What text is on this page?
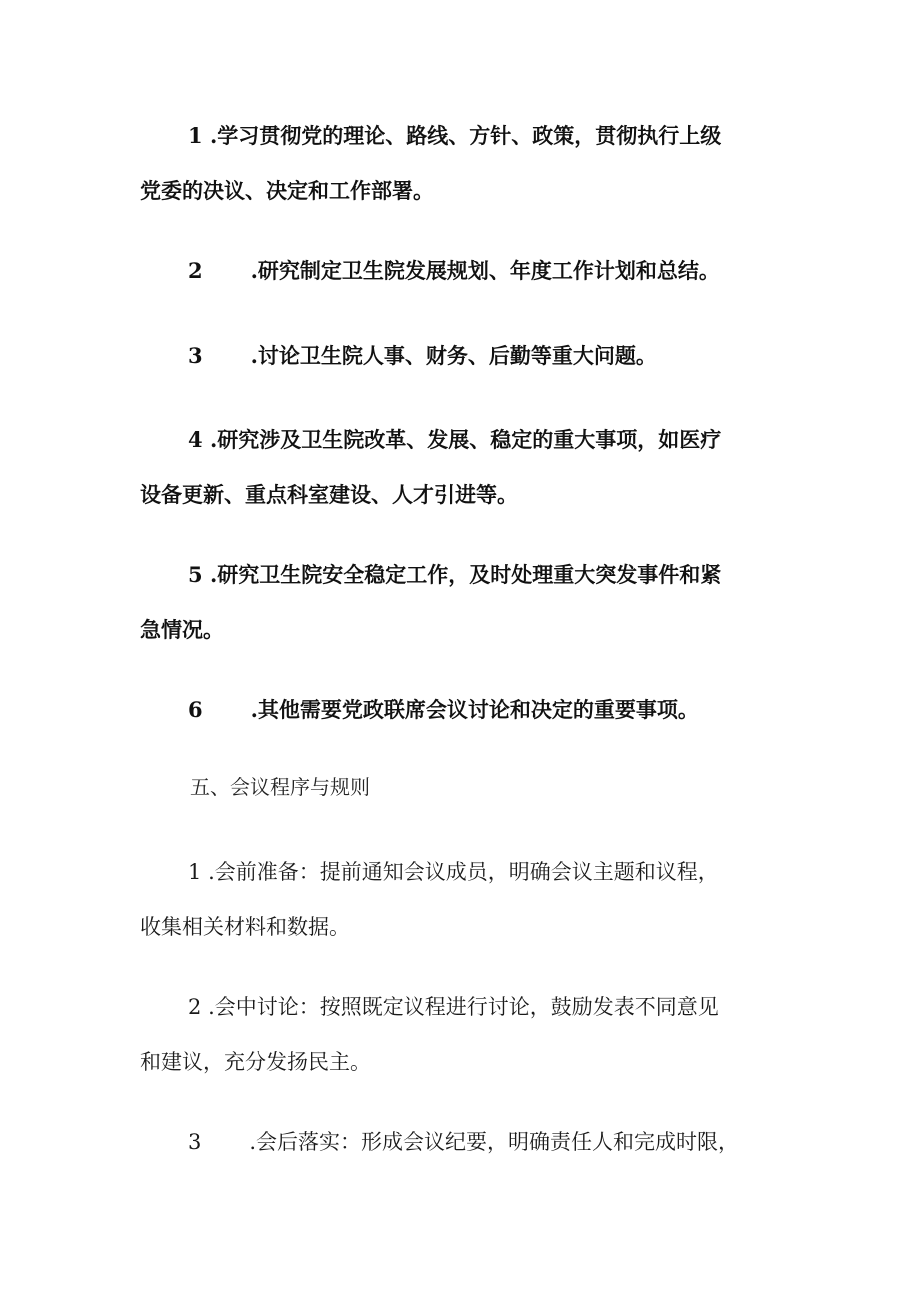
1 .学习贯彻党的理论、路线、方针、政策，贯彻执行上级
党委的决议、决定和工作部署。

2 .研究制定卫生院发展规划、年度工作计划和总结。

3 .讨论卫生院人事、财务、后勤等重大问题。

4 .研究涉及卫生院改革、发展、稳定的重大事项，如医疗
设备更新、重点科室建设、人才引进等。

5 .研究卫生院安全稳定工作，及时处理重大突发事件和紧
急情况。

6 .其他需要党政联席会议讨论和决定的重要事项。

五、会议程序与规则

1 .会前准备：提前通知会议成员，明确会议主题和议程，
收集相关材料和数据。

2 .会中讨论：按照既定议程进行讨论，鼓励发表不同意见
和建议，充分发扬民主。

3 .会后落实：形成会议纪要，明确责任人和完成时限，
